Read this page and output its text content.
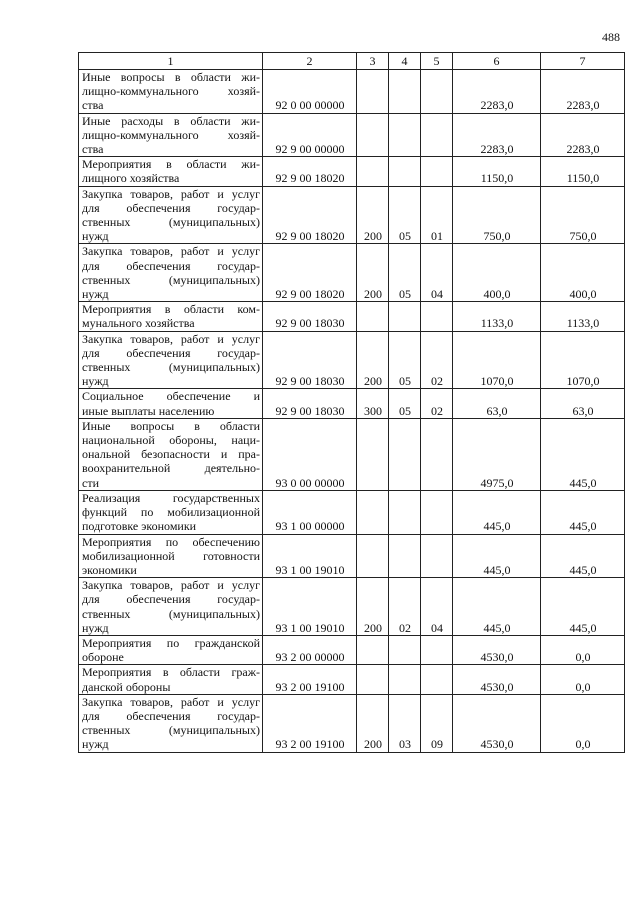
488
1	2	3	4	5	6	7

Иные вопросы в области жи-
лищно-коммунального хозяй-
ства	92 0 00 00000				2283,0	2283,0

Иные расходы в области жи-
лищно-коммунального хозяй-
ства	92 9 00 00000				2283,0	2283,0

Мероприятия в области жи-
лищного хозяйства	92 9 00 18020				1150,0	1150,0

Закупка товаров, работ и услуг
для обеспечения государ-
ственных (муниципальных)
нужд	92 9 00 18020	200	05	01	750,0	750,0

Закупка товаров, работ и услуг
для обеспечения государ-
ственных (муниципальных)
нужд	92 9 00 18020	200	05	04	400,0	400,0

Мероприятия в области ком-
мунального хозяйства	92 9 00 18030				1133,0	1133,0

Закупка товаров, работ и услуг
для обеспечения государ-
ственных (муниципальных)
нужд	92 9 00 18030	200	05	02	1070,0	1070,0

Социальное обеспечение и
иные выплаты населению	92 9 00 18030	300	05	02	63,0	63,0

Иные вопросы в области
национальной обороны, наци-
ональной безопасности и пра-
воохранительной деятельно-
сти	93 0 00 00000				4975,0	445,0

Реализация государственных
функций по мобилизационной
подготовке экономики	93 1 00 00000				445,0	445,0

Мероприятия по обеспечению
мобилизационной готовности
экономики	93 1 00 19010				445,0	445,0

Закупка товаров, работ и услуг
для обеспечения государ-
ственных (муниципальных)
нужд	93 1 00 19010	200	02	04	445,0	445,0

Мероприятия по гражданской
обороне	93 2 00 00000				4530,0	0,0

Мероприятия в области граж-
данской обороны	93 2 00 19100				4530,0	0,0

Закупка товаров, работ и услуг
для обеспечения государ-
ственных (муниципальных)
нужд	93 2 00 19100	200	03	09	4530,0	0,0
